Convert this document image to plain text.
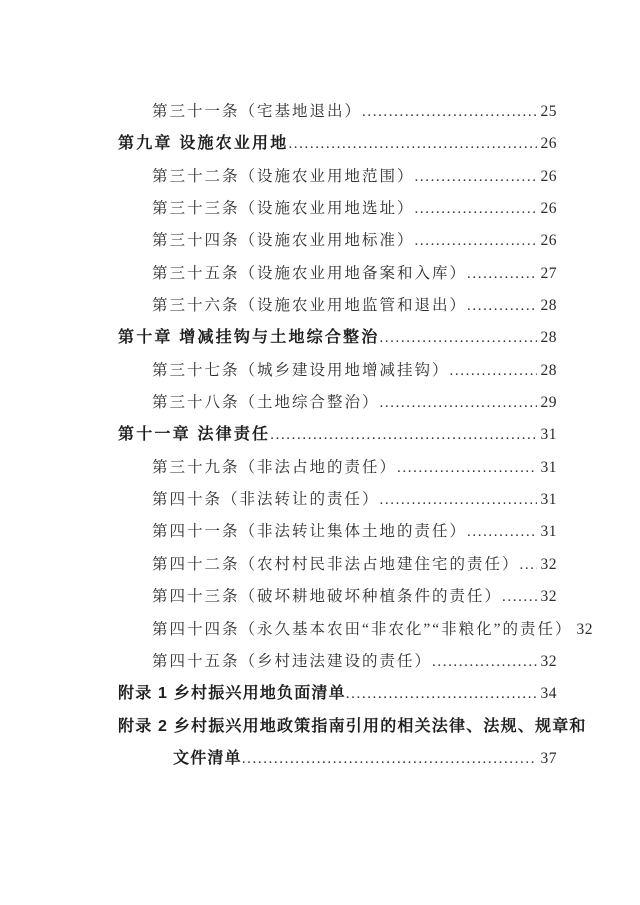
第三十一条（宅基地退出） .....	25
第九章 设施农业用地 .....	26
第三十二条（设施农业用地范围） .....	26
第三十三条（设施农业用地选址） .....	26
第三十四条（设施农业用地标准） .....	26
第三十五条（设施农业用地备案和入库） .....	27
第三十六条（设施农业用地监管和退出） .....	28
第十章 增减挂钩与土地综合整治 .....	28
第三十七条（城乡建设用地增减挂钩） .....	28
第三十八条（土地综合整治） .....	29
第十一章 法律责任 .....	31
第三十九条（非法占地的责任） .....	31
第四十条（非法转让的责任） .....	31
第四十一条（非法转让集体土地的责任） .....	31
第四十二条（农村村民非法占地建住宅的责任） ..... 32
第四十三条（破坏耕地破坏种植条件的责任） ..... 32
第四十四条（永久基本农田“非农化”“非粮化”的责任） 32
第四十五条（乡村违法建设的责任） .....	32
附录 1 乡村振兴用地负面清单 .....	34
附录 2 乡村振兴用地政策指南引用的相关法律、法规、规章和
文件清单 .....	37
